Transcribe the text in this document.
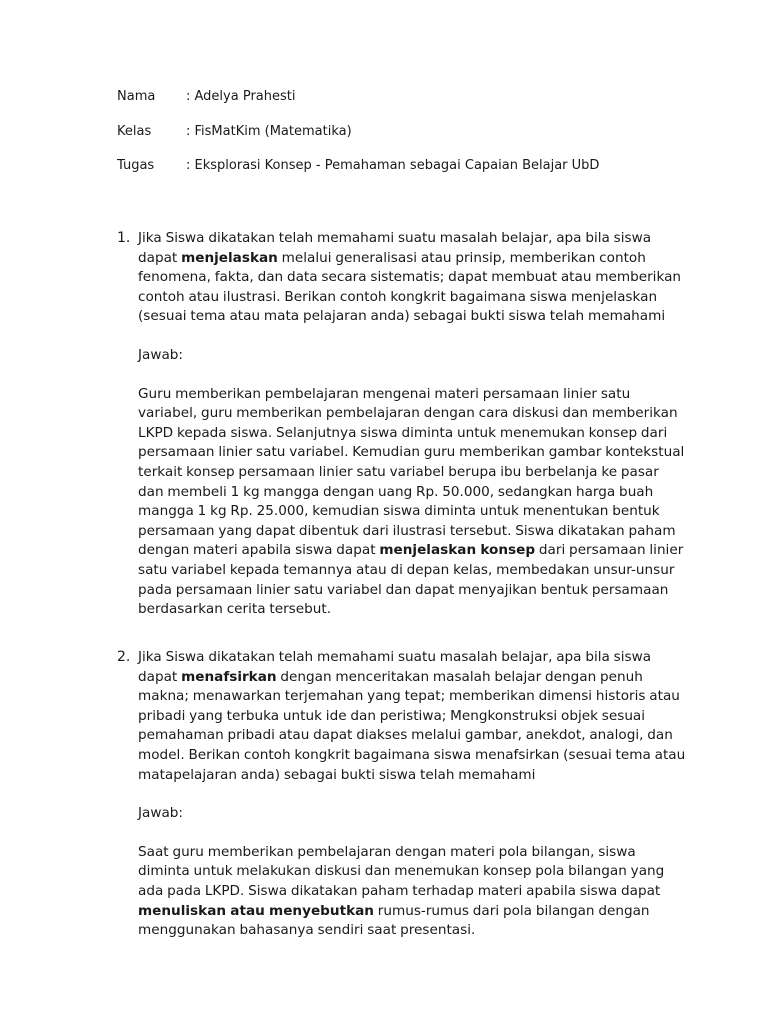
Nama : Adelya Prahesti
Kelas	: FisMatKim (Matematika)
Tugas : Eksplorasi Konsep - Pemahaman sebagai Capaian Belajar UbD
1. Jika Siswa dikatakan telah memahami suatu masalah belajar, apa bila siswa dapat menjelaskan melalui generalisasi atau prinsip, memberikan contoh fenomena, fakta, dan data secara sistematis; dapat membuat atau memberikan contoh atau ilustrasi. Berikan contoh kongkrit bagaimana siswa menjelaskan (sesuai tema atau mata pelajaran anda) sebagai bukti siswa telah memahami

Jawab:

Guru memberikan pembelajaran mengenai materi persamaan linier satu variabel, guru memberikan pembelajaran dengan cara diskusi dan memberikan LKPD kepada siswa. Selanjutnya siswa diminta untuk menemukan konsep dari persamaan linier satu variabel. Kemudian guru memberikan gambar kontekstual terkait konsep persamaan linier satu variabel berupa ibu berbelanja ke pasar dan membeli 1 kg mangga dengan uang Rp. 50.000, sedangkan harga buah mangga 1 kg Rp. 25.000, kemudian siswa diminta untuk menentukan bentuk persamaan yang dapat dibentuk dari ilustrasi tersebut. Siswa dikatakan paham dengan materi apabila siswa dapat menjelaskan konsep dari persamaan linier satu variabel kepada temannya atau di depan kelas, membedakan unsur-unsur pada persamaan linier satu variabel dan dapat menyajikan bentuk persamaan berdasarkan cerita tersebut.

2. Jika Siswa dikatakan telah memahami suatu masalah belajar, apa bila siswa dapat menafsirkan dengan menceritakan masalah belajar dengan penuh makna; menawarkan terjemahan yang tepat; memberikan dimensi historis atau pribadi yang terbuka untuk ide dan peristiwa; Mengkonstruksi objek sesuai pemahaman pribadi atau dapat diakses melalui gambar, anekdot, analogi, dan model. Berikan contoh kongkrit bagaimana siswa menafsirkan (sesuai tema atau matapelajaran anda) sebagai bukti siswa telah memahami

Jawab:

Saat guru memberikan pembelajaran dengan materi pola bilangan, siswa diminta untuk melakukan diskusi dan menemukan konsep pola bilangan yang ada pada LKPD. Siswa dikatakan paham terhadap materi apabila siswa dapat menuliskan atau menyebutkan rumus-rumus dari pola bilangan dengan menggunakan bahasanya sendiri saat presentasi.
